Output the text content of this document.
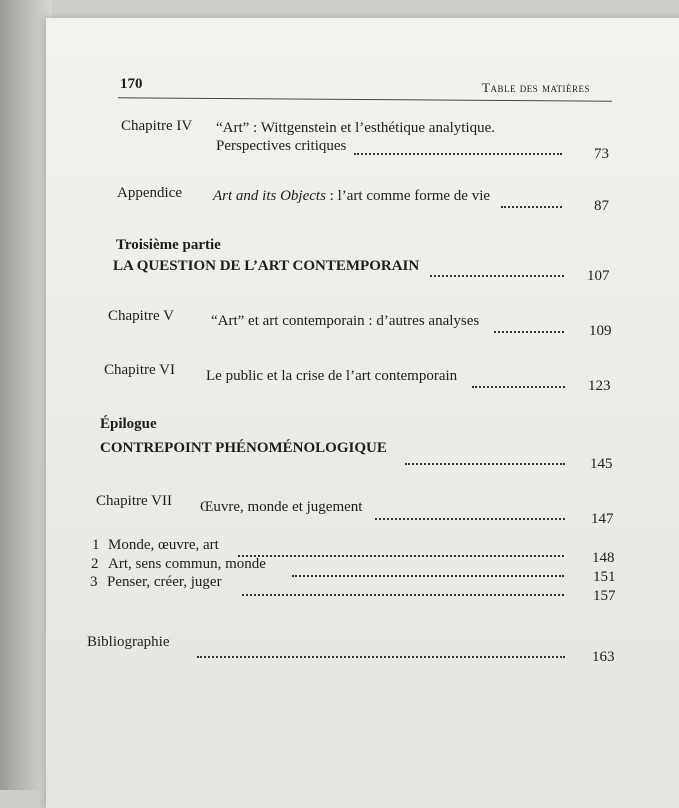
170	Table des matières
Chapitre IV “Art” : Wittgenstein et l’esthétique analytique.
Perspectives critiques	73
Appendice Art and its Objects : l’art comme forme de vie
87
Troisième partie
LA QUESTION DE L’ART CONTEMPORAIN
107
Chapitre V “Art” et art contemporain : d’autres analyses
109
Chapitre VI Le public et la crise de l’art contemporain
123
Épilogue
CONTREPOINT PHÉNOMÉNOLOGIQUE
145
Chapitre VII Œuvre, monde et jugement
147
1 Monde, œuvre, art
148
2 Art, sens commun, monde
151
3 Penser, créer, juger
157
Bibliographie
163
